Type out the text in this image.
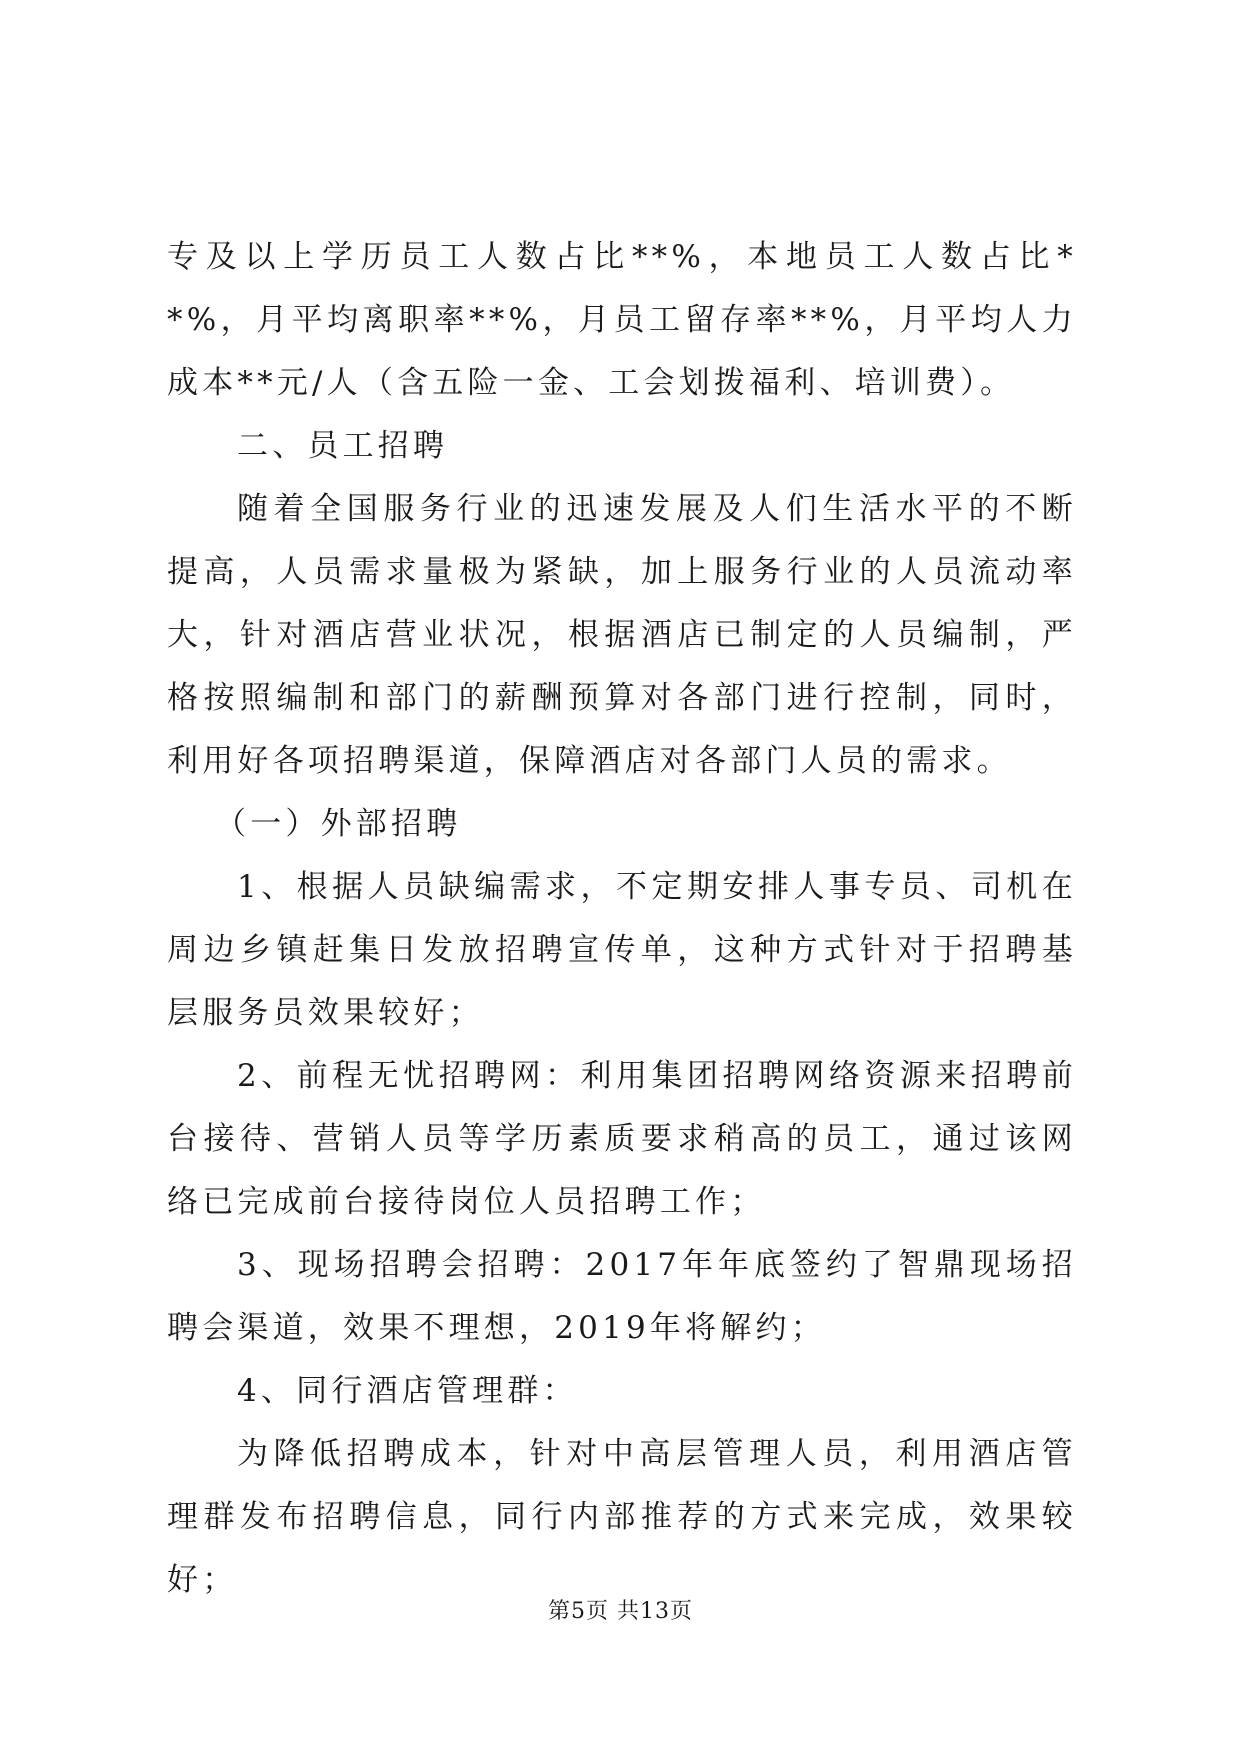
专及以上学历员工人数占比**%，本地员工人数占比**%，月平均离职率**%，月员工留存率**%，月平均人力成本**元/人（含五险一金、工会划拨福利、培训费）。

二、员工招聘

随着全国服务行业的迅速发展及人们生活水平的不断提高，人员需求量极为紧缺，加上服务行业的人员流动率大，针对酒店营业状况，根据酒店已制定的人员编制，严格按照编制和部门的薪酬预算对各部门进行控制，同时，利用好各项招聘渠道，保障酒店对各部门人员的需求。

（一）外部招聘

1、根据人员缺编需求，不定期安排人事专员、司机在周边乡镇赶集日发放招聘宣传单，这种方式针对于招聘基层服务员效果较好；

2、前程无忧招聘网：利用集团招聘网络资源来招聘前台接待、营销人员等学历素质要求稍高的员工，通过该网络已完成前台接待岗位人员招聘工作；

3、现场招聘会招聘：2017年年底签约了智鼎现场招聘会渠道，效果不理想，2019年将解约；

4、同行酒店管理群：

为降低招聘成本，针对中高层管理人员，利用酒店管理群发布招聘信息，同行内部推荐的方式来完成，效果较好；

第5页 共13页
